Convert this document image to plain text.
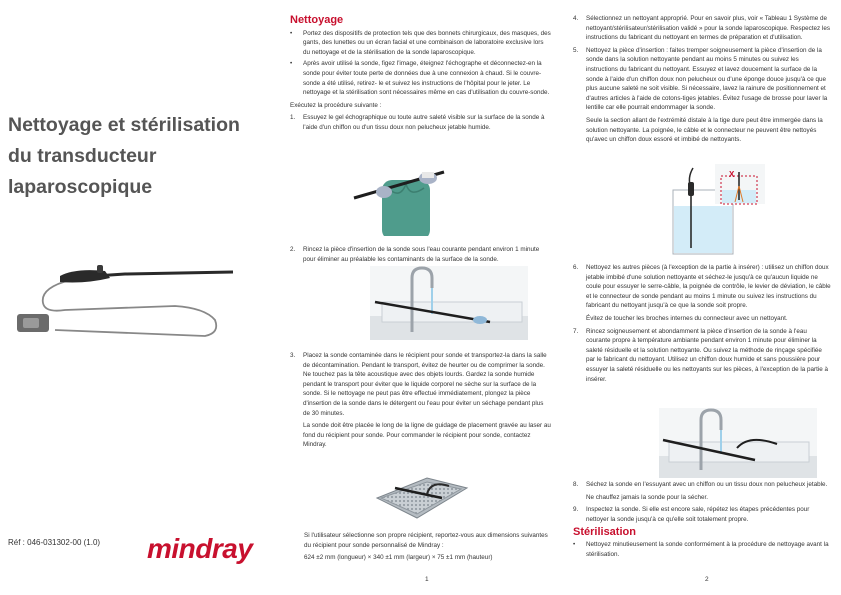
Nettoyage et stérilisation
du transducteur
laparoscopique
Réf : 046-031302-00 (1.0) mindray
1
Nettoyage
• Portez des dispositifs de protection tels que des bonnets chirurgicaux, des masques, des gants, des lunettes ou un écran facial et une combinaison de laboratoire exclusive lors du nettoyage et de la stérilisation de la sonde laparoscopique.

• Après avoir utilisé la sonde, figez l'image, éteignez l'échographe et déconnectez-en la sonde pour éviter toute perte de données due à une connexion à chaud. Si le couvre-sonde a été utilisé, retirez- le et suivez les instructions de l'hôpital pour le jeter. Le nettoyage et la stérilisation sont nécessaires même en cas d'utilisation du couvre-sonde.

Exécutez la procédure suivante :

1. Essuyez le gel échographique ou toute autre saleté visible sur la surface de la sonde à l'aide d'un chiffon ou d'un tissu doux non pelucheux jetable humide.

2. Rincez la pièce d'insertion de la sonde sous l'eau courante pendant environ 1 minute pour éliminer au préalable les contaminants de la surface de la sonde.

3. Placez la sonde contaminée dans le récipient pour sonde et transportez-la dans la salle de décontamination. Pendant le transport, évitez de heurter ou de comprimer la sonde. Ne touchez pas la tête acoustique avec des objets lourds. Gardez la sonde humide pendant le transport pour éviter que le liquide corporel ne sèche sur la surface de la sonde. Si le nettoyage ne peut pas être effectué immédiatement, plongez la pièce d'insertion de la sonde dans le détergent ou l'eau pour éviter un séchage pendant plus de 30 minutes.

La sonde doit être placée le long de la ligne de guidage de placement gravée au laser au fond du récipient pour sonde. Pour commander le récipient pour sonde, contactez Mindray.

Si l'utilisateur sélectionne son propre récipient, reportez-vous aux dimensions suivantes du récipient pour sonde personnalisé de Mindray :

624 ±2 mm (longueur) × 340 ±1 mm (largeur) × 75 ±1 mm (hauteur)

4. Sélectionnez un nettoyant approprié. Pour en savoir plus, voir « Tableau 1 Système de nettoyant/stérilisateur/stérilisation validé » pour la sonde laparoscopique. Respectez les instructions du fabricant du nettoyant en termes de préparation et d'utilisation.

5. Nettoyez la pièce d'insertion : faites tremper soigneusement la pièce d'insertion de la sonde dans la solution nettoyante pendant au moins 5 minutes ou suivez les instructions du fabricant du nettoyant. Essuyez et lavez doucement la surface de la sonde à l'aide d'un chiffon doux non pelucheux ou d'une éponge douce jusqu'à ce que plus aucune saleté ne soit visible. Si nécessaire, lavez la rainure de positionnement et d'autres articles à l'aide de cotons-tiges jetables. Évitez l'usage de brosse pour laver la lentille car elle pourrait endommager la sonde.

Seule la section allant de l'extrémité distale à la tige dure peut être immergée dans la solution nettoyante. La poignée, le câble et le connecteur ne peuvent être nettoyés qu'avec un chiffon doux essoré et imbibé de nettoyants.

X
6. Nettoyez les autres pièces (à l'exception de la partie à insérer) : utilisez un chiffon doux jetable imbibé d'une solution nettoyante et séchez-le jusqu'à ce qu'aucun liquide ne coule pour essuyer le serre-câble, la poignée de contrôle, le levier de déviation, le câble et le connecteur de sonde pendant au moins 1 minute ou suivez les instructions du fabricant du nettoyant jusqu'à ce que la sonde soit propre.

Évitez de toucher les broches internes du connecteur avec un nettoyant.

7. Rincez soigneusement et abondamment la pièce d'insertion de la sonde à l'eau courante propre à température ambiante pendant environ 1 minute pour éliminer la saleté résiduelle et la solution nettoyante. Ou suivez la méthode de rinçage spécifiée par le fabricant du nettoyant. Utilisez un chiffon doux humide et sans poussière pour essuyer la saleté résiduelle ou les nettoyants sur les pièces, à l'exception de la partie à insérer.

8. Séchez la sonde en l'essuyant avec un chiffon ou un tissu doux non pelucheux jetable.

Ne chauffez jamais la sonde pour la sécher.

9. Inspectez la sonde. Si elle est encore sale, répétez les étapes précédentes pour nettoyer la sonde jusqu'à ce qu'elle soit totalement propre.

Stérilisation
• Nettoyez minutieusement la sonde conformément à la procédure de nettoyage avant la stérilisation.

2
